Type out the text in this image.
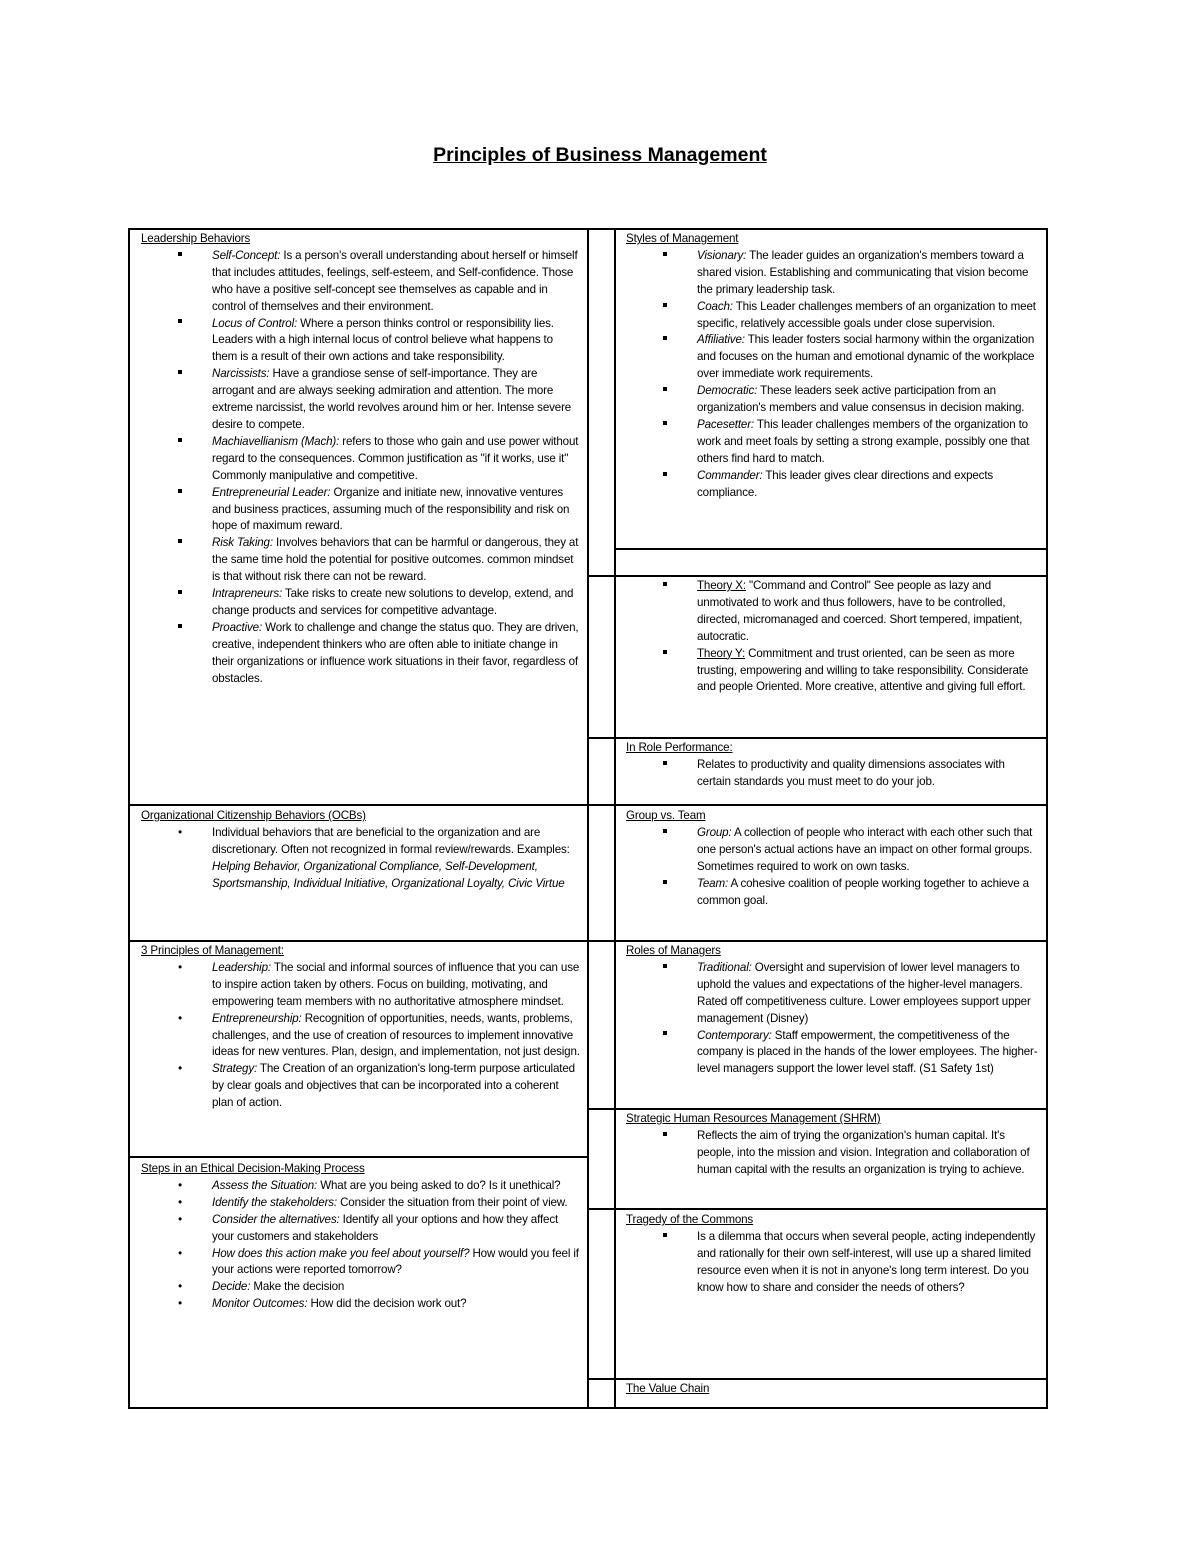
Principles of Business Management
Leadership Behaviors
Self-Concept: Is a person's overall understanding about herself or himself that includes attitudes, feelings, self-esteem, and Self-confidence. Those who have a positive self-concept see themselves as capable and in control of themselves and their environment.
Locus of Control: Where a person thinks control or responsibility lies. Leaders with a high internal locus of control believe what happens to them is a result of their own actions and take responsibility.
Narcissists: Have a grandiose sense of self-importance. They are arrogant and are always seeking admiration and attention. The more extreme narcissist, the world revolves around him or her. Intense severe desire to compete.
Machiavellianism (Mach): refers to those who gain and use power without regard to the consequences. Common justification as "if it works, use it" Commonly manipulative and competitive.
Entrepreneurial Leader: Organize and initiate new, innovative ventures and business practices, assuming much of the responsibility and risk on hope of maximum reward.
Risk Taking: Involves behaviors that can be harmful or dangerous, they at the same time hold the potential for positive outcomes. common mindset is that without risk there can not be reward.
Intrapreneurs: Take risks to create new solutions to develop, extend, and change products and services for competitive advantage.
Proactive: Work to challenge and change the status quo. They are driven, creative, independent thinkers who are often able to initiate change in their organizations or influence work situations in their favor, regardless of obstacles.
Organizational Citizenship Behaviors (OCBs)
•
Individual behaviors that are beneficial to the organization and are discretionary. Often not recognized in formal review/rewards. Examples: Helping Behavior, Organizational Compliance, Self-Development, Sportsmanship, Individual Initiative, Organizational Loyalty, Civic Virtue
3 Principles of Management:
•
Leadership: The social and informal sources of influence that you can use to inspire action taken by others. Focus on building, motivating, and empowering team members with no authoritative atmosphere mindset.
•
Entrepreneurship: Recognition of opportunities, needs, wants, problems, challenges, and the use of creation of resources to implement innovative ideas for new ventures. Plan, design, and implementation, not just design.
•
Strategy: The Creation of an organization's long-term purpose articulated by clear goals and objectives that can be incorporated into a coherent plan of action.
Steps in an Ethical Decision-Making Process
•
Assess the Situation: What are you being asked to do? Is it unethical?
•
Identify the stakeholders: Consider the situation from their point of view.
•
Consider the alternatives: Identify all your options and how they affect your customers and stakeholders
•
How does this action make you feel about yourself? How would you feel if your actions were reported tomorrow?
•
Decide: Make the decision
•
Monitor Outcomes: How did the decision work out?
Styles of Management
Visionary: The leader guides an organization's members toward a shared vision. Establishing and communicating that vision become the primary leadership task.
Coach: This Leader challenges members of an organization to meet specific, relatively accessible goals under close supervision.
Affiliative: This leader fosters social harmony within the organization and focuses on the human and emotional dynamic of the workplace over immediate work requirements.
Democratic: These leaders seek active participation from an organization's members and value consensus in decision making.
Pacesetter: This leader challenges members of the organization to work and meet foals by setting a strong example, possibly one that others find hard to match.
Commander: This leader gives clear directions and expects compliance.
Theory X: "Command and Control" See people as lazy and unmotivated to work and thus followers, have to be controlled, directed, micromanaged and coerced. Short tempered, impatient, autocratic.
Theory Y: Commitment and trust oriented, can be seen as more trusting, empowering and willing to take responsibility. Considerate and people Oriented. More creative, attentive and giving full effort.
In Role Performance:
Relates to productivity and quality dimensions associates with certain standards you must meet to do your job.
Group vs. Team
Group: A collection of people who interact with each other such that one person's actual actions have an impact on other formal groups. Sometimes required to work on own tasks.
Team: A cohesive coalition of people working together to achieve a common goal.
Roles of Managers
Traditional: Oversight and supervision of lower level managers to uphold the values and expectations of the higher-level managers. Rated off competitiveness culture. Lower employees support upper management (Disney)
Contemporary: Staff empowerment, the competitiveness of the company is placed in the hands of the lower employees. The higher-level managers support the lower level staff. (S1 Safety 1st)
Strategic Human Resources Management (SHRM)
Reflects the aim of trying the organization's human capital. It's people, into the mission and vision. Integration and collaboration of human capital with the results an organization is trying to achieve.
Tragedy of the Commons
Is a dilemma that occurs when several people, acting independently and rationally for their own self-interest, will use up a shared limited resource even when it is not in anyone's long term interest. Do you know how to share and consider the needs of others?
The Value Chain
